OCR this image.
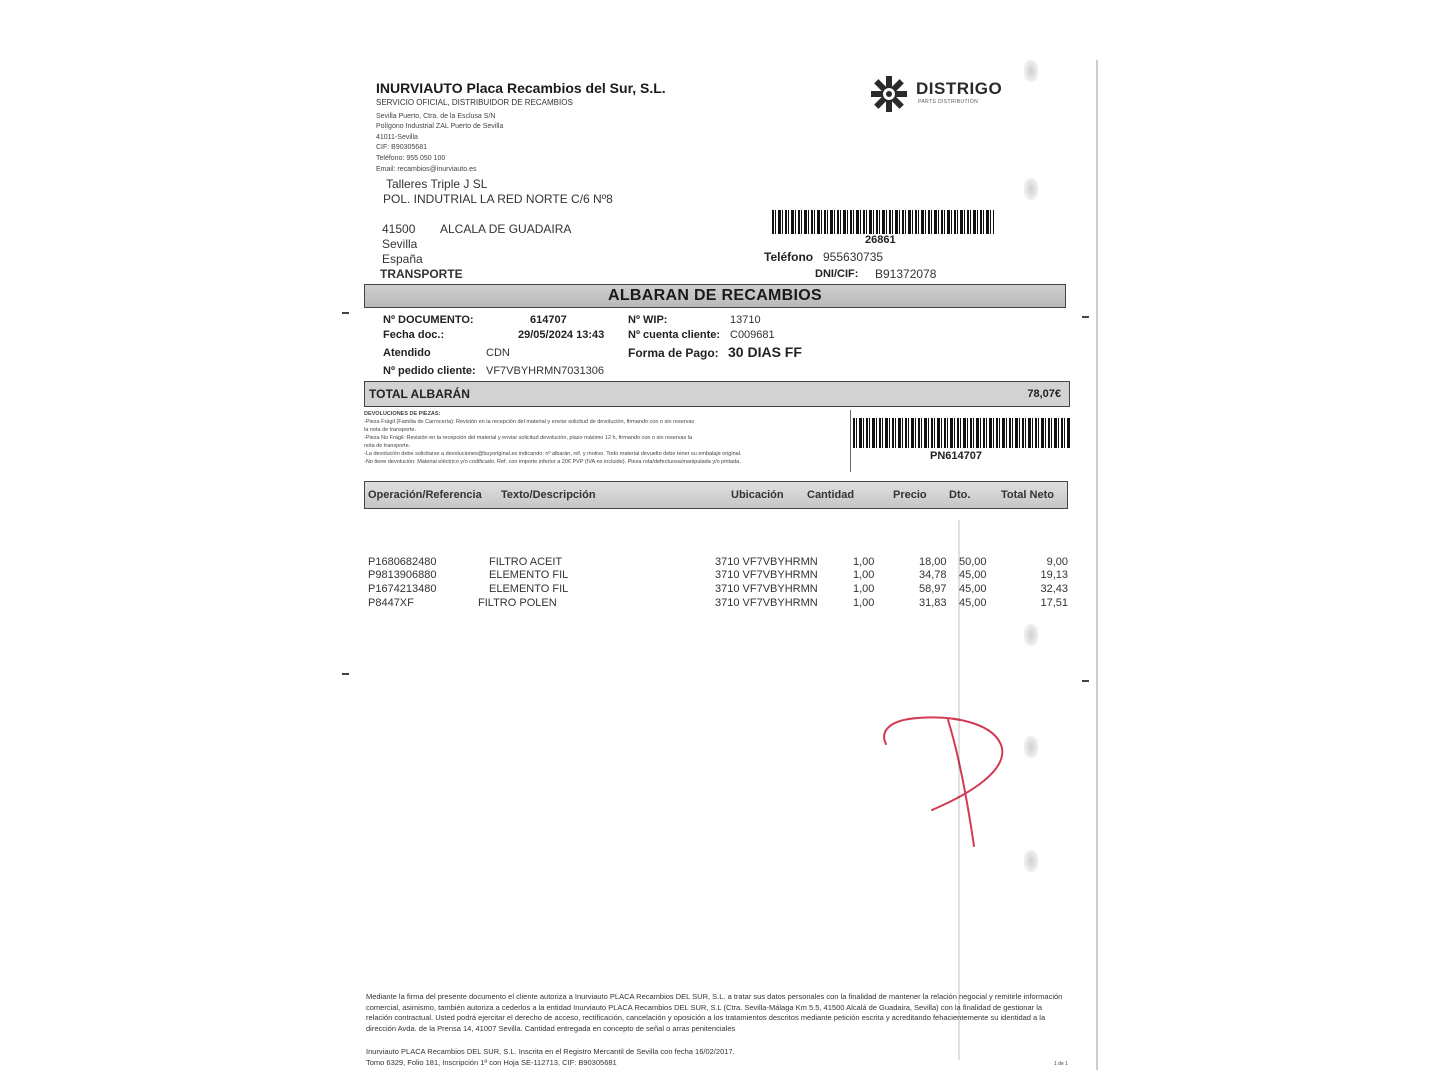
INURVIAUTO Placa Recambios del Sur, S.L.
SERVICIO OFICIAL, DISTRIBUIDOR DE RECAMBIOS
Sevilla Puerto, Ctra. de la Esclusa S/N
Polígono Industrial ZAL Puerto de Sevilla
41011-Sevilla
CIF: B90305681
Teléfono: 955 050 100
Email: recambios@inurviauto.es
DISTRIGO
PARTS DISTRIBUTION
Talleres Triple J SL
POL. INDUTRIAL LA RED NORTE C/6 Nº8
41500 ALCALA DE GUADAIRA
Sevilla
España
TRANSPORTE
26861
Teléfono 955630735
DNI/CIF: B91372078
ALBARAN DE RECAMBIOS
Nº DOCUMENTO:	614707
Fecha doc.:	29/05/2024 13:43
Atendido	CDN
Nº pedido cliente: VF7VBYHRMN7031306
Nº WIP:	13710
Nº cuenta cliente: C009681
Forma de Pago: 30 DIAS FF
TOTAL ALBARÁN	78,07€
DEVOLUCIONES DE PIEZAS:
-Pieza Frágil (Familia de Carrocería): Revisión en la recepción del material y enviar solicitud de devolución, firmando con o sin reservas
la nota de transporte.
-Pieza No Frágil: Revisión en la recepción del material y enviar solicitud devolución, plazo máximo 12 h, firmando con o sin reservas la
nota de transporte.
-La devolución debe solicitarse a devoluciones@buyoriginal.es indicando: nº albarán, ref. y motivo. Todo material devuelto debe tener su embalaje original.
-No tiene devolución: Material eléctrico y/o codificado. Ref. con importe inferior a 20€ PVP (IVA no incluido). Pieza rota/defectuosa/manipulada y/o pintada.	PN614707
Operación/Referencia Texto/Descripción	Ubicación Cantidad	Precio Dto.	Total Neto
P1680682480	FILTRO ACEIT	3710 VF7VBYHRMN	1,00	18,00 50,00	9,00
P9813906880	ELEMENTO FIL	3710 VF7VBYHRMN	1,00	34,78 45,00	19,13
P1674213480	ELEMENTO FIL	3710 VF7VBYHRMN	1,00	58,97 45,00	32,43
P8447XF	FILTRO POLEN	3710 VF7VBYHRMN	1,00	31,83 45,00	17,51
Mediante la firma del presente documento el cliente autoriza a Inurviauto PLACA Recambios DEL SUR, S.L. a tratar sus datos personales con la finalidad de mantener la relación negocial y remitirle información comercial, asimismo, también autoriza a cederlos a la entidad Inurviauto PLACA Recambios DEL SUR, S.L (Ctra. Sevilla-Málaga Km 5.5, 41500 Alcalá de Guadaira, Sevilla) con la finalidad de gestionar la relación contractual. Usted podrá ejercitar el derecho de acceso, rectificación, cancelación y oposición a los tratamientos descritos mediante petición escrita y acreditando fehacientemente su identidad a la dirección Avda. de la Prensa 14, 41007 Sevilla. Cantidad entregada en concepto de señal o arras penitenciales
Inurviauto PLACA Recambios DEL SUR, S.L. Inscrita en el Registro Mercantil de Sevilla con fecha 16/02/2017.
Tomo 6329, Folio 181, Inscripción 1ª con Hoja SE-112713, CIF: B90305681	1 de 1
